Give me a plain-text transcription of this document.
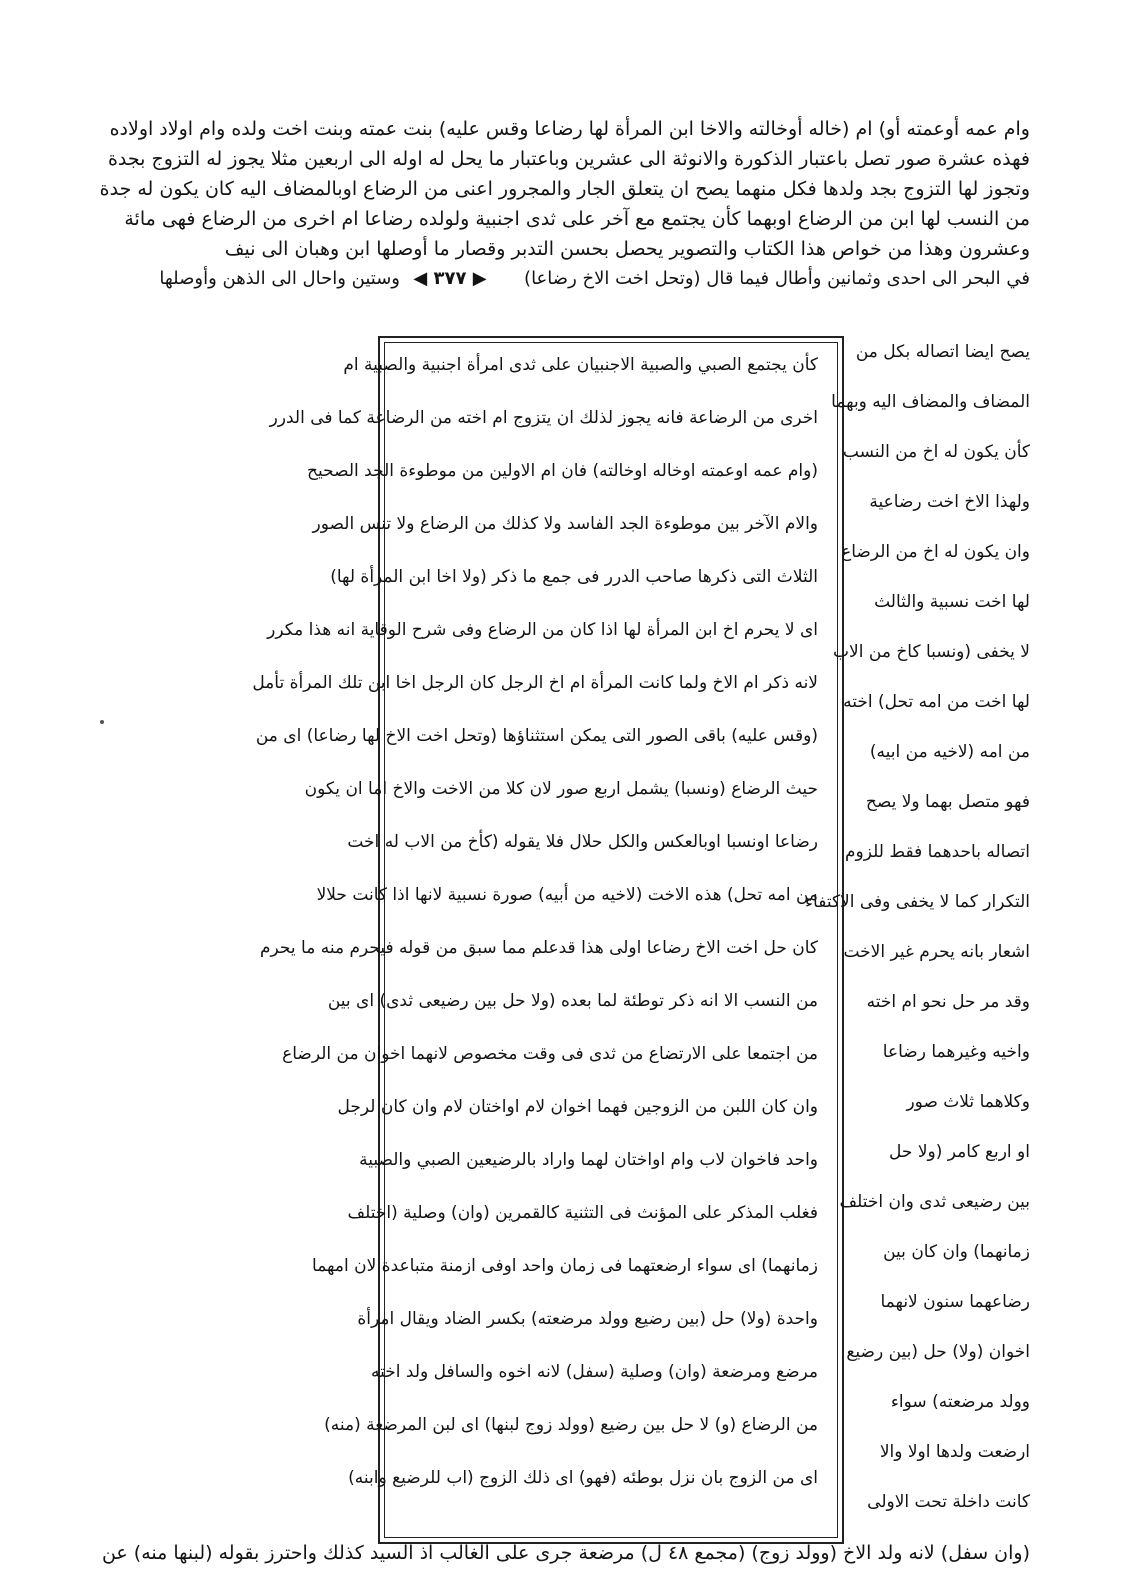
وام عمه أوعمته أو) ام (خاله أوخالته والاخا ابن المرأة لها رضاعا وقس عليه) بنت عمته وبنت اخت ولده وام اولاد اولاده
فهذه عشرة صور تصل باعتبار الذكورة والانوثة الى عشرين وباعتبار ما يحل له اوله الى اربعين مثلا يجوز له التزوج بجدة
وتجوز لها التزوج بجد ولدها فكل منهما يصح ان يتعلق الجار والمجرور اعنى من الرضاع اوبالمضاف اليه كان يكون له جدة
من النسب لها ابن من الرضاع اوبهما كأن يجتمع مع آخر على ثدى اجنبية ولولده رضاعا ام اخرى من الرضاع فهى مائة
وعشرون وهذا من خواص هذا الكتاب والتصوير يحصل بحسن التدبر وقصار ما أوصلها ابن وهبان الى نيف
وستين واحال الى الذهن وأوصلها ◀ ٣٧٧ ▶	في البحر الى احدى وثمانين وأطال فيما قال (وتحل اخت الاخ رضاعا)
كأن يجتمع الصبي والصبية الاجنبيان على ثدى امرأة اجنبية والصبية ام
اخرى من الرضاعة فانه يجوز لذلك ان يتزوج ام اخته من الرضاعة كما فى الدرر
(وام عمه اوعمته اوخاله اوخالته) فان ام الاولين من موطوءة الجد الصحيح
والام الآخر بين موطوءة الجد الفاسد ولا كذلك من الرضاع ولا تنس الصور
الثلاث التى ذكرها صاحب الدرر فى جمع ما ذكر (ولا اخا ابن المرأة لها)
اى لا يحرم اخ ابن المرأة لها اذا كان من الرضاع وفى شرح الوقاية انه هذا مكرر
لانه ذكر ام الاخ ولما كانت المرأة ام اخ الرجل كان الرجل اخا ابن تلك المرأة تأمل
(وقس عليه) باقى الصور التى يمكن استثناؤها (وتحل اخت الاخ لها رضاعا) اى من
حيث الرضاع (ونسبا) يشمل اربع صور لان كلا من الاخت والاخ اما ان يكون
رضاعا اونسبا اوبالعكس والكل حلال فلا يقوله (كأخ من الاب له اخت
من امه تحل) هذه الاخت (لاخيه من أبيه) صورة نسبية لانها اذا كانت حلالا
كان حل اخت الاخ رضاعا اولى هذا قدعلم مما سبق من قوله فيحرم منه ما يحرم
من النسب الا انه ذكر توطئة لما بعده (ولا حل بين رضيعى ثدى) اى بين
من اجتمعا على الارتضاع من ثدى فى وقت مخصوص لانهما اخوان من الرضاع
وان كان اللبن من الزوجين فهما اخوان لام اواختان لام وان كان لرجل
واحد فاخوان لاب وام اواختان لهما واراد بالرضيعين الصبي والصبية
فغلب المذكر على المؤنث فى التثنية كالقمرين (وان) وصلية (اختلف
زمانهما) اى سواء ارضعتهما فى زمان واحد اوفى ازمنة متباعدة لان امهما
واحدة (ولا) حل (بين رضيع وولد مرضعته) بكسر الضاد ويقال امرأة
مرضع ومرضعة (وان) وصلية (سفل) لانه اخوه والسافل ولد اخته
من الرضاع (و) لا حل بين رضيع (وولد زوج لبنها) اى لبن المرضعة (منه)
اى من الزوج بان نزل بوطئه (فهو) اى ذلك الزوج (اب للرضيع وابنه)
يصح ايضا اتصاله بكل من
المضاف والمضاف اليه وبهما
كأن يكون له اخ من النسب
ولهذا الاخ اخت رضاعية
وان يكون له اخ من الرضاع
لها اخت نسبية والثالث
لا يخفى (ونسبا كاخ من الاب
لها اخت من امه تحل) اخته
من امه (لاخيه من ابيه)
فهو متصل بهما ولا يصح
اتصاله باحدهما فقط للزوم
التكرار كما لا يخفى وفى الاكتفاء
اشعار بانه يحرم غير الاخت
وقد مر حل نحو ام اخته
واخيه وغيرهما رضاعا
وكلاهما ثلاث صور
او اربع كامر (ولا حل
بين رضيعى ثدى وان اختلف
زمانهما) وان كان بين
رضاعهما سنون لانهما
اخوان (ولا) حل (بين رضيع
وولد مرضعته) سواء
ارضعت ولدها اولا والا
كانت داخلة تحت الاولى
(وان سفل) لانه ولد الاخ (وولد زوج) (مجمع ٤٨ ل) مرضعة جرى على الغالب اذ السيد كذلك واحترز بقوله (لبنها منه) عن
